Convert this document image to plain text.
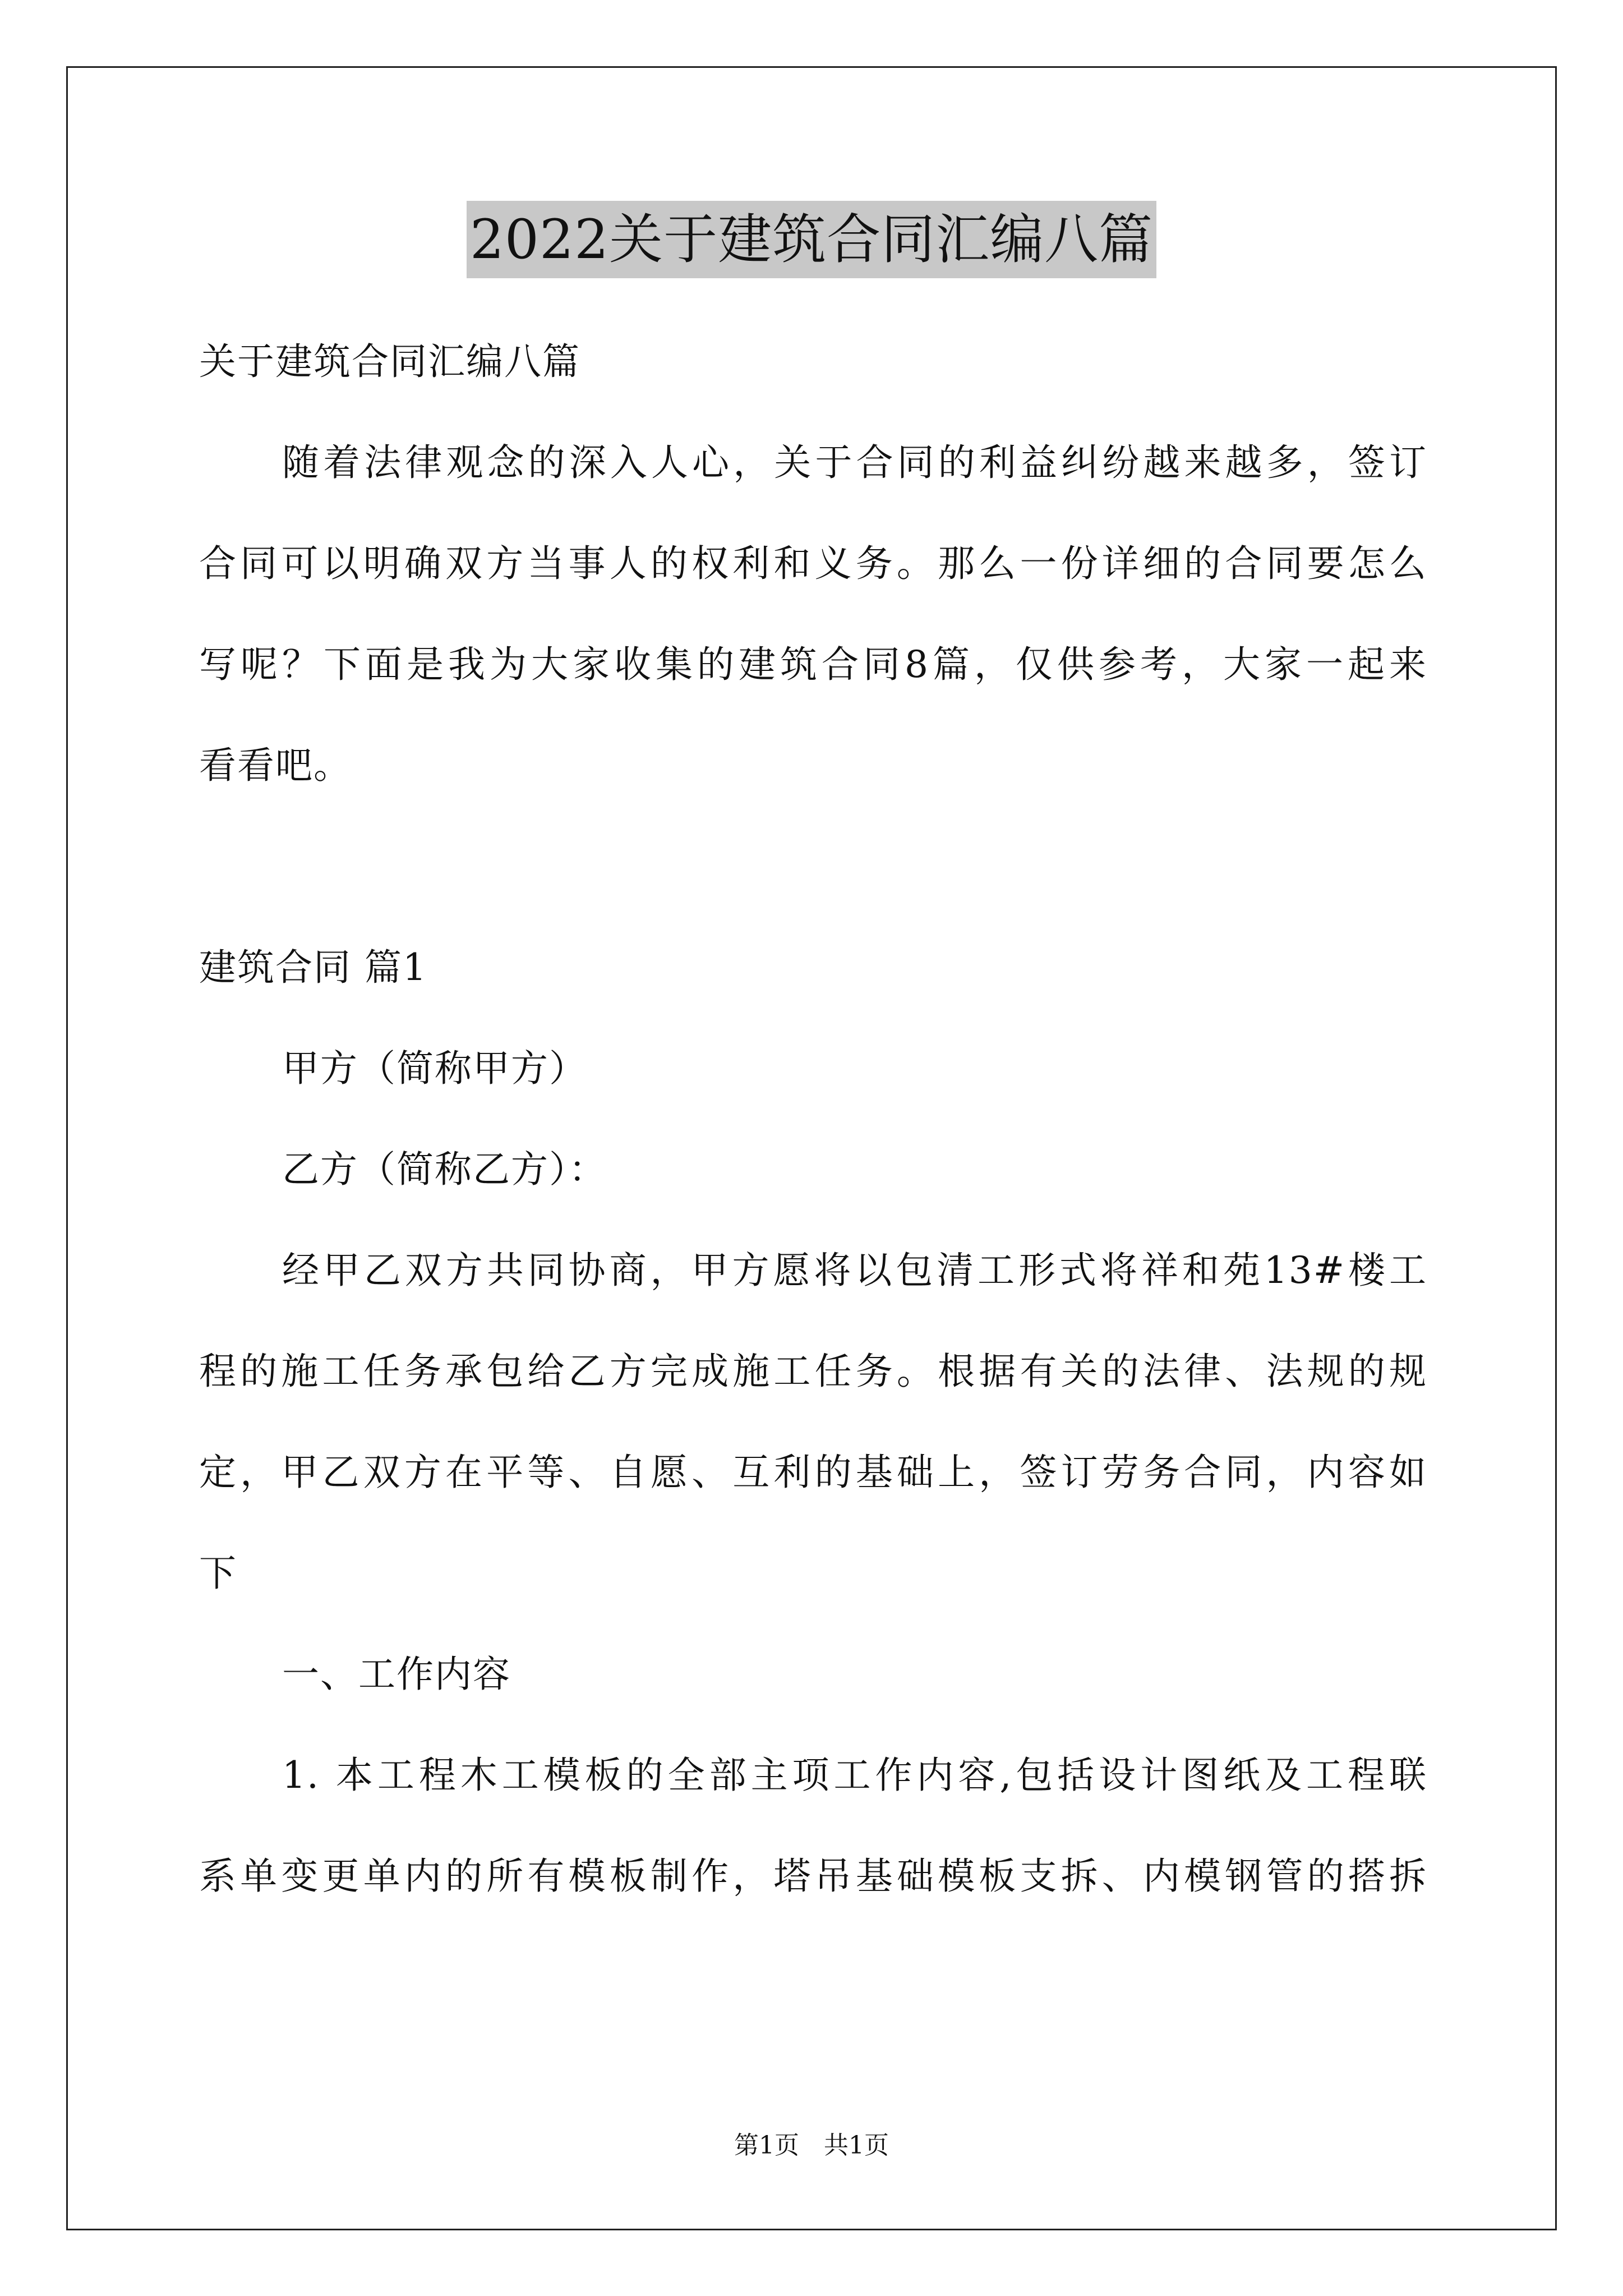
2022关于建筑合同汇编八篇
关于建筑合同汇编八篇
随着法律观念的深入人心，关于合同的利益纠纷越来越多，签订
合同可以明确双方当事人的权利和义务。那么一份详细的合同要怎么
写呢？下面是我为大家收集的建筑合同8篇，仅供参考，大家一起来
看看吧。
建筑合同 篇1
甲方（简称甲方）
乙方（简称乙方）：
经甲乙双方共同协商，甲方愿将以包清工形式将祥和苑13#楼工
程的施工任务承包给乙方完成施工任务。根据有关的法律、法规的规
定，甲乙双方在平等、自愿、互利的基础上，签订劳务合同，内容如
下
一、工作内容
1. 本工程木工模板的全部主项工作内容,包括设计图纸及工程联
系单变更单内的所有模板制作，塔吊基础模板支拆、内模钢管的搭拆
第1页　共1页
